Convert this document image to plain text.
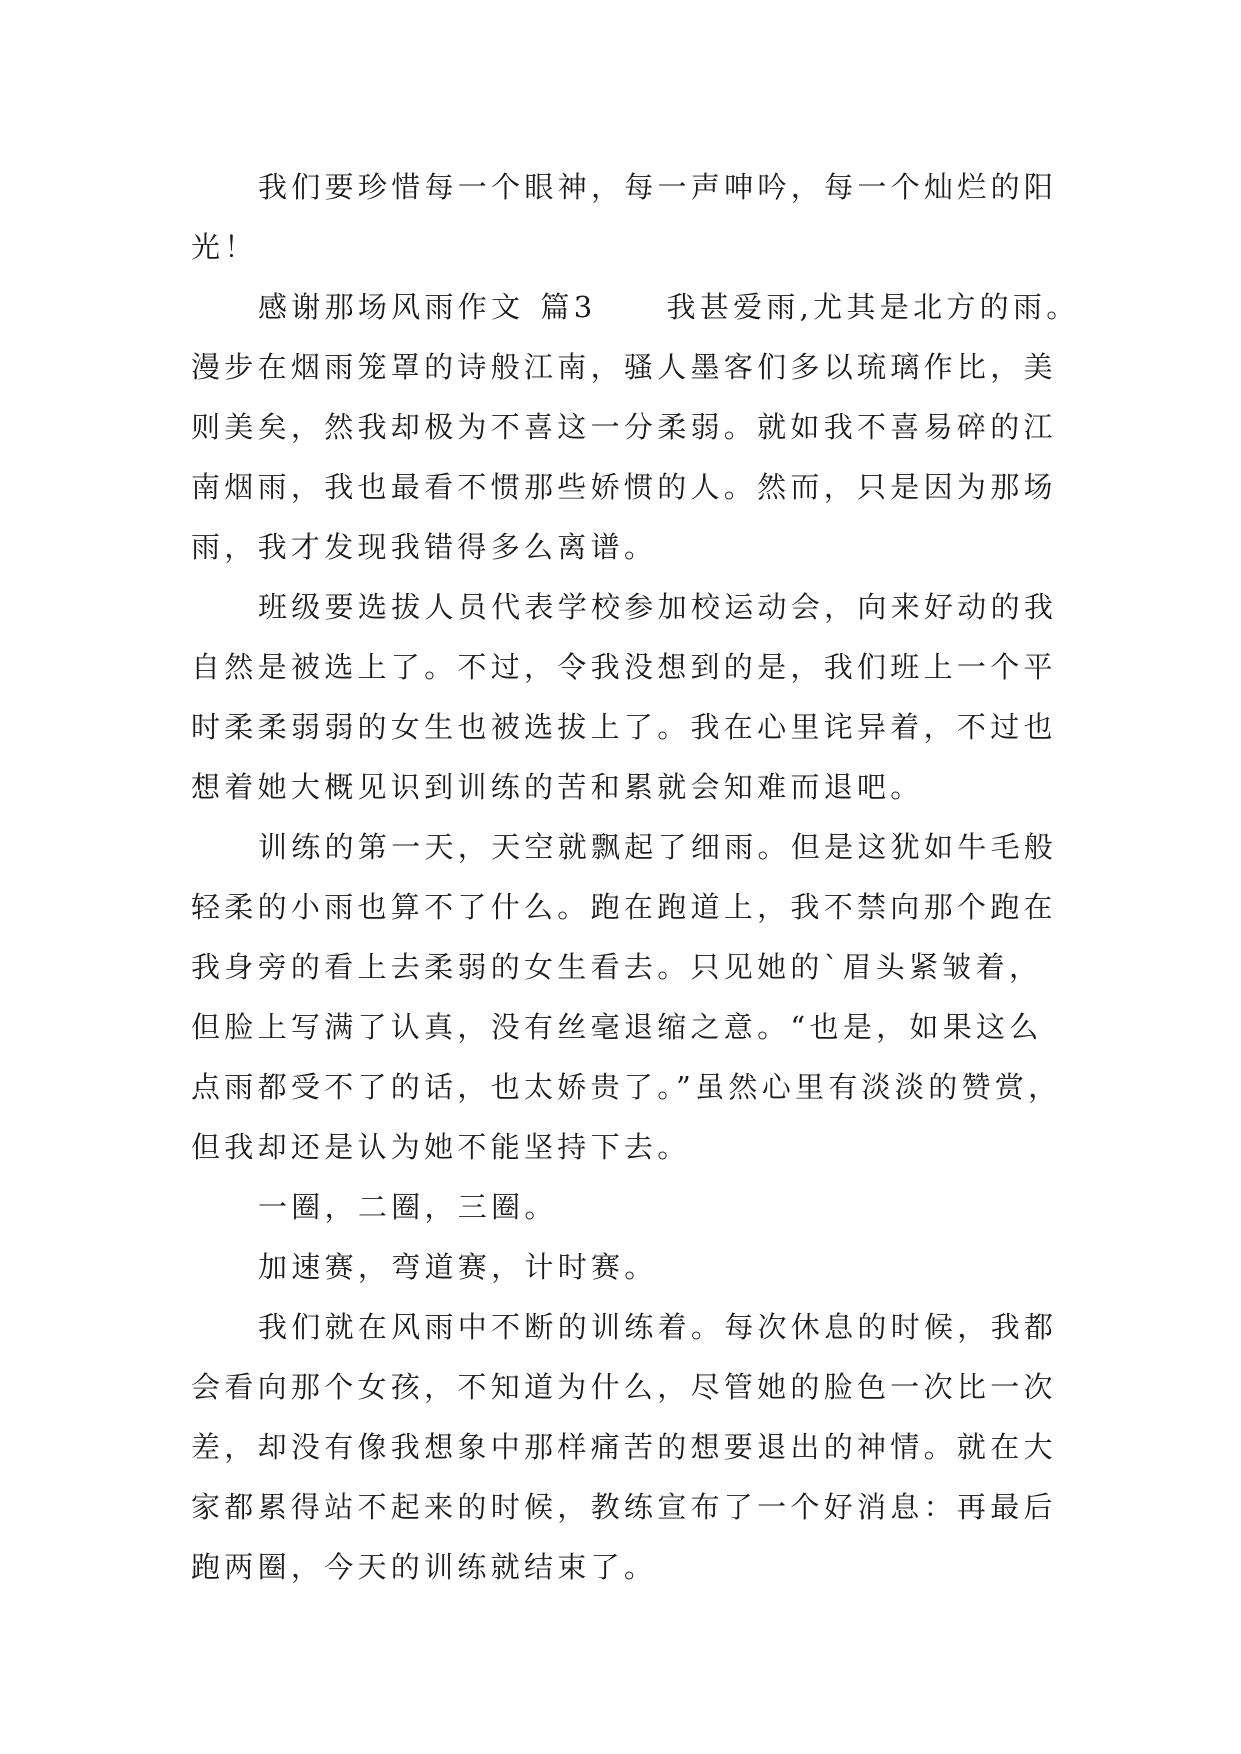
我们要珍惜每一个眼神，每一声呻吟，每一个灿烂的阳
光！
感谢那场风雨作文 篇3 我甚爱雨,尤其是北方的雨。
漫步在烟雨笼罩的诗般江南，骚人墨客们多以琉璃作比，美
则美矣，然我却极为不喜这一分柔弱。就如我不喜易碎的江
南烟雨，我也最看不惯那些娇惯的人。然而，只是因为那场
雨，我才发现我错得多么离谱。
班级要选拔人员代表学校参加校运动会，向来好动的我
自然是被选上了。不过，令我没想到的是，我们班上一个平
时柔柔弱弱的女生也被选拔上了。我在心里诧异着，不过也
想着她大概见识到训练的苦和累就会知难而退吧。
训练的第一天，天空就飘起了细雨。但是这犹如牛毛般
轻柔的小雨也算不了什么。跑在跑道上，我不禁向那个跑在
我身旁的看上去柔弱的女生看去。只见她的`眉头紧皱着，
但脸上写满了认真，没有丝毫退缩之意。“也是，如果这么
点雨都受不了的话，也太娇贵了。”虽然心里有淡淡的赞赏，
但我却还是认为她不能坚持下去。
一圈，二圈，三圈。
加速赛，弯道赛，计时赛。
我们就在风雨中不断的训练着。每次休息的时候，我都
会看向那个女孩，不知道为什么，尽管她的脸色一次比一次
差，却没有像我想象中那样痛苦的想要退出的神情。就在大
家都累得站不起来的时候，教练宣布了一个好消息：再最后
跑两圈，今天的训练就结束了。
